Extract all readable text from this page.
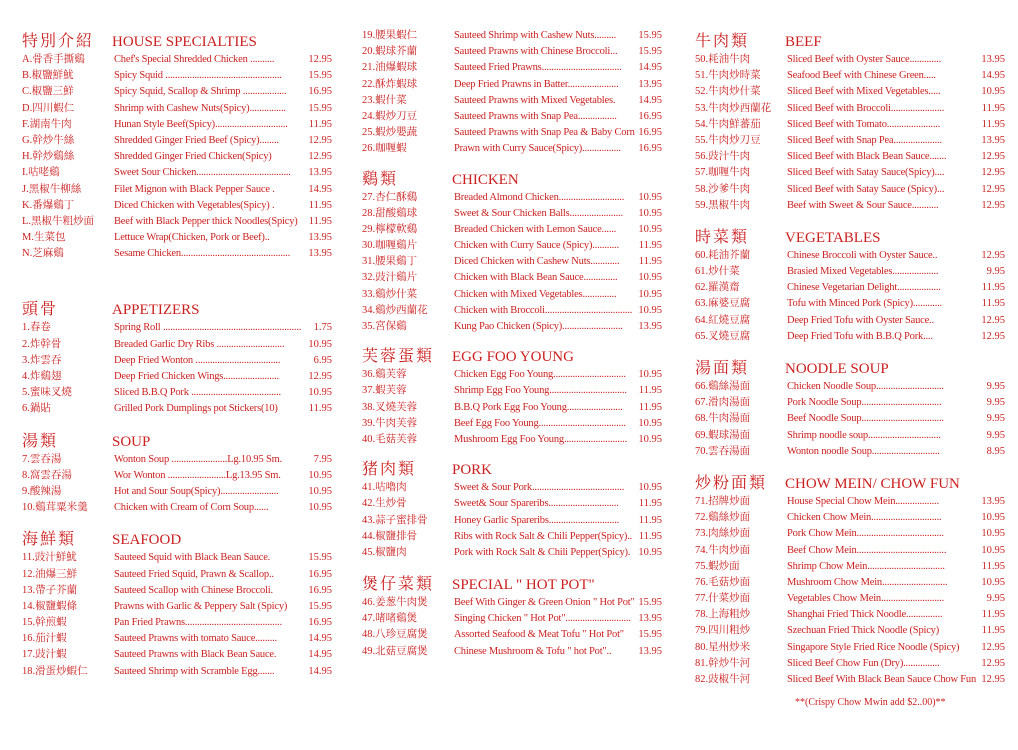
特別介紹	HOUSE SPECIALTIES
A.骨香手撕鷄	Chef's Special Shredded Chicken ..........	12.95
B.椒鹽鮮魷	Spicy Squid ................................................	15.95
C.椒鹽三鮮	Spicy Squid, Scallop & Shrimp ..................	16.95
D.四川蝦仁	Shrimp with Cashew Nuts(Spicy)...............	15.95
F.湖南牛肉	Hunan Style Beef(Spicy)..............................	11.95
G.幹炒牛絲	Shredded Ginger Fried Beef (Spicy)........	12.95
H.幹炒鷄絲	Shredded Ginger Fried Chicken(Spicy)	12.95
I.咕咾鷄	Sweet Sour Chicken.......................................	13.95
J.黑椒牛柳絲	Filet Mignon with Black Pepper Sauce .	14.95
K.番爆鷄丁	Diced Chicken with Vegetables(Spicy) .	11.95
L.黑椒牛粗炒面	Beef with Black Pepper thick Noodles(Spicy)	11.95
M.生菜包	Lettuce Wrap(Chicken, Pork or Beef)..	13.95
N.芝麻鷄	Sesame Chicken.............................................	13.95
頭骨	APPETIZERS
1.春卷	Spring Roll .........................................................	1.75
2.炸幹骨	Breaded Garlic Dry Ribs ............................	10.95
3.炸雲吞	Deep Fried Wonton ...................................	6.95
4.炸鷄翅	Deep Fried Chicken Wings.......................	12.95
5.蜜味叉燒	Sliced B.B.Q Pork .....................................	10.95
6.鍋貼	Grilled Pork Dumplings pot Stickers(10)	11.95
湯類	SOUP
7.雲吞湯	Wonton Soup .......................Lg.10.95 Sm.	7.95
8.窩雲吞湯	Wor Wonton ........................Lg.13.95 Sm.	10.95
9.酸辣湯	Hot and Sour Soup(Spicy)........................	10.95
10.鷄茸粟米羹	Chicken with Cream of Corn Soup......	10.95
海鮮類	SEAFOOD
11.豉汁鮮魷	Sauteed Squid with Black Bean Sauce.	15.95
12.油爆三鮮	Sauteed Fried Squid, Prawn & Scallop..	16.95
13.帶子芥蘭	Sauteed Scallop with Chinese Broccoli.	16.95
14.椒鹽蝦條	Prawns with Garlic & Peppery Salt (Spicy)	15.95
15.幹煎蝦	Pan Fried Prawns........................................	16.95
16.茄汁蝦	Sauteed Prawns with tomato Sauce.........	14.95
17.豉汁蝦	Sauteed Prawns with Black Bean Sauce.	14.95
18.滑蛋炒蝦仁	Sauteed Shrimp with Scramble Egg.......	14.95
19.腰果蝦仁	Sauteed Shrimp with Cashew Nuts.........	15.95
20.蝦球芥蘭	Sauteed Prawns with Chinese Broccoli...	15.95
21.油爆蝦球	Sauteed Fried Prawns.................................	14.95
22.酥炸蝦球	Deep Fried Prawns in Batter.....................	13.95
23.蝦什菜	Sauteed Prawns with Mixed Vegetables.	14.95
24.蝦炒刀豆	Sauteed Prawns with Snap Pea................	16.95
25.蝦炒嬰蔬	Sauteed Prawns with Snap Pea & Baby Corn 16.95
26.咖喱蝦	Prawn with Curry Sauce(Spicy)................	16.95
鷄類	CHICKEN
27.杏仁酥鷄	Breaded Almond Chicken...........................	10.95
28.甜酸鷄球	Sweet & Sour Chicken Balls......................	10.95
29.檸檬軟鷄	Breaded Chicken with Lemon Sauce......	10.95
30.咖喱鷄片	Chicken with Curry Sauce (Spicy)...........	11.95
31.腰果鷄丁	Diced Chicken with Cashew Nuts............	11.95
32.豉汁鷄片	Chicken with Black Bean Sauce..............	10.95
33.鷄炒什菜	Chicken with Mixed Vegetables..............	10.95
34.鷄炒西蘭花	Chicken with Broccoli.................................... 10.95
35.宮保鷄	Kung Pao Chicken (Spicy).........................	13.95
芙蓉蛋類	EGG FOO YOUNG
36.鷄芙蓉	Chicken Egg Foo Young..............................	10.95
37.蝦芙蓉	Shrimp Egg Foo Young................................	11.95
38.叉燒芙蓉	B.B.Q Pork Egg Foo Young.......................	11.95
39.牛肉芙蓉	Beef Egg Foo Young....................................	10.95
40.毛菇芙蓉	Mushroom Egg Foo Young..........................	10.95
猪肉類	PORK
41.咕嚕肉	Sweet & Sour Pork......................................	10.95
42.生炒骨	Sweet& Sour Spareribs.............................	11.95
43.蒜子蜜排骨	Honey Garlic Spareribs.............................	11.95
44.椒鹽排骨	Ribs with Rock Salt & Chili Pepper(Spicy).. 11.95
45.椒鹽肉	Pork with Rock Salt & Chili Pepper(Spicy). 10.95
煲仔菜類	SPECIAL " HOT POT"
46.姜葱牛肉煲	Beef With Ginger & Green Onion " Hot Pot" 15.95
47.啫啫鷄煲	Singing Chicken " Hot Pot"........................... 13.95
48.八珍豆腐煲	Assorted Seafood & Meat Tofu " Hot Pot"	15.95
49.北菇豆腐煲	Chinese Mushroom & Tofu " hot Pot"..	13.95
牛肉類	BEEF
50.耗油牛肉	Sliced Beef with Oyster Sauce.............	13.95
51.牛肉炒時菜	Seafood Beef with Chinese Green.....	14.95
52.牛肉炒什菜	Sliced Beef with Mixed Vegetables.....	10.95
53.牛肉炒西蘭花	Sliced Beef with Broccoli......................	11.95
54.牛肉鮮蕃茄	Sliced Beef with Tomato......................	11.95
55.牛肉炒刀豆	Sliced Beef with Snap Pea....................	13.95
56.豉汁牛肉	Sliced Beef with Black Bean Sauce.......	12.95
57.咖喱牛肉	Sliced Beef with Satay Sauce(Spicy)....	12.95
58.沙爹牛肉	Sliced Beef with Satay Sauce (Spicy)...	12.95
59.黑椒牛肉	Beef with Sweet & Sour Sauce...........	12.95
時菜類	VEGETABLES
60.耗油芥蘭	Chinese Broccoli with Oyster Sauce..	12.95
61.炒什菜	Brasied Mixed Vegetables...................	9.95
62.羅漢齋	Chinese Vegetarian Delight..................	11.95
63.麻婆豆腐	Tofu with Minced Pork (Spicy)............	11.95
64.紅燒豆腐	Deep Fried Tofu with Oyster Sauce..	12.95
65.叉燒豆腐	Deep Fried Tofu with B.B.Q Pork....	12.95
湯面類	NOODLE SOUP
66.鷄絲湯面	Chicken Noodle Soup............................	9.95
67.滑肉湯面	Pork Noodle Soup.................................	9.95
68.牛肉湯面	Beef Noodle Soup..................................	9.95
69.蝦球湯面	Shrimp noodle soup..............................	9.95
70.雲吞湯面	Wonton noodle Soup............................	8.95
炒粉面類	CHOW MEIN/ CHOW FUN
71.招牌炒面	House Special Chow Mein..................	13.95
72.鷄絲炒面	Chicken Chow Mein.............................	10.95
73.肉絲炒面	Pork Chow Mein....................................	10.95
74.牛肉炒面	Beef Chow Mein.....................................	10.95
75.蝦炒面	Shrimp Chow Mein................................	11.95
76.毛菇炒面	Mushroom Chow Mein...........................	10.95
77.什菜炒面	Vegetables Chow Mein..........................	9.95
78.上海粗炒	Shanghai Fried Thick Noodle...............	11.95
79.四川粗炒	Szechuan Fried Thick Noodle (Spicy)	11.95
80.星州炒米	Singapore Style Fried Rice Noodle (Spicy)	12.95
81.幹炒牛河	Sliced Beef Chow Fun (Dry)...............	12.95
82.豉椒牛河	Sliced Beef With Black Bean Sauce Chow Fun 12.95
**(Crispy Chow Mwin add $2..00)**
